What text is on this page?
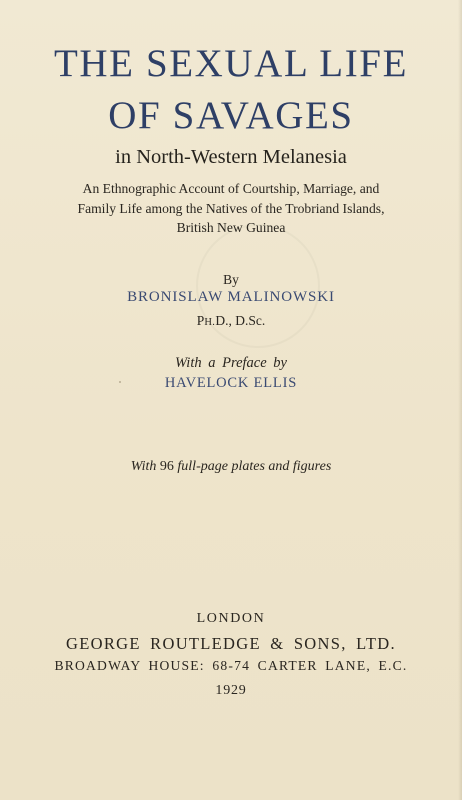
THE SEXUAL LIFE
OF SAVAGES
in North-Western Melanesia
An Ethnographic Account of Courtship, Marriage, and
Family Life among the Natives of the Trobriand Islands,
British New Guinea
By
BRONISLAW MALINOWSKI
PH.D., D.Sc.
With a Preface by
HAVELOCK ELLIS
With 96 full-page plates and figures
LONDON
GEORGE ROUTLEDGE & SONS, LTD.
BROADWAY HOUSE: 68-74 CARTER LANE, E.C.
1929
